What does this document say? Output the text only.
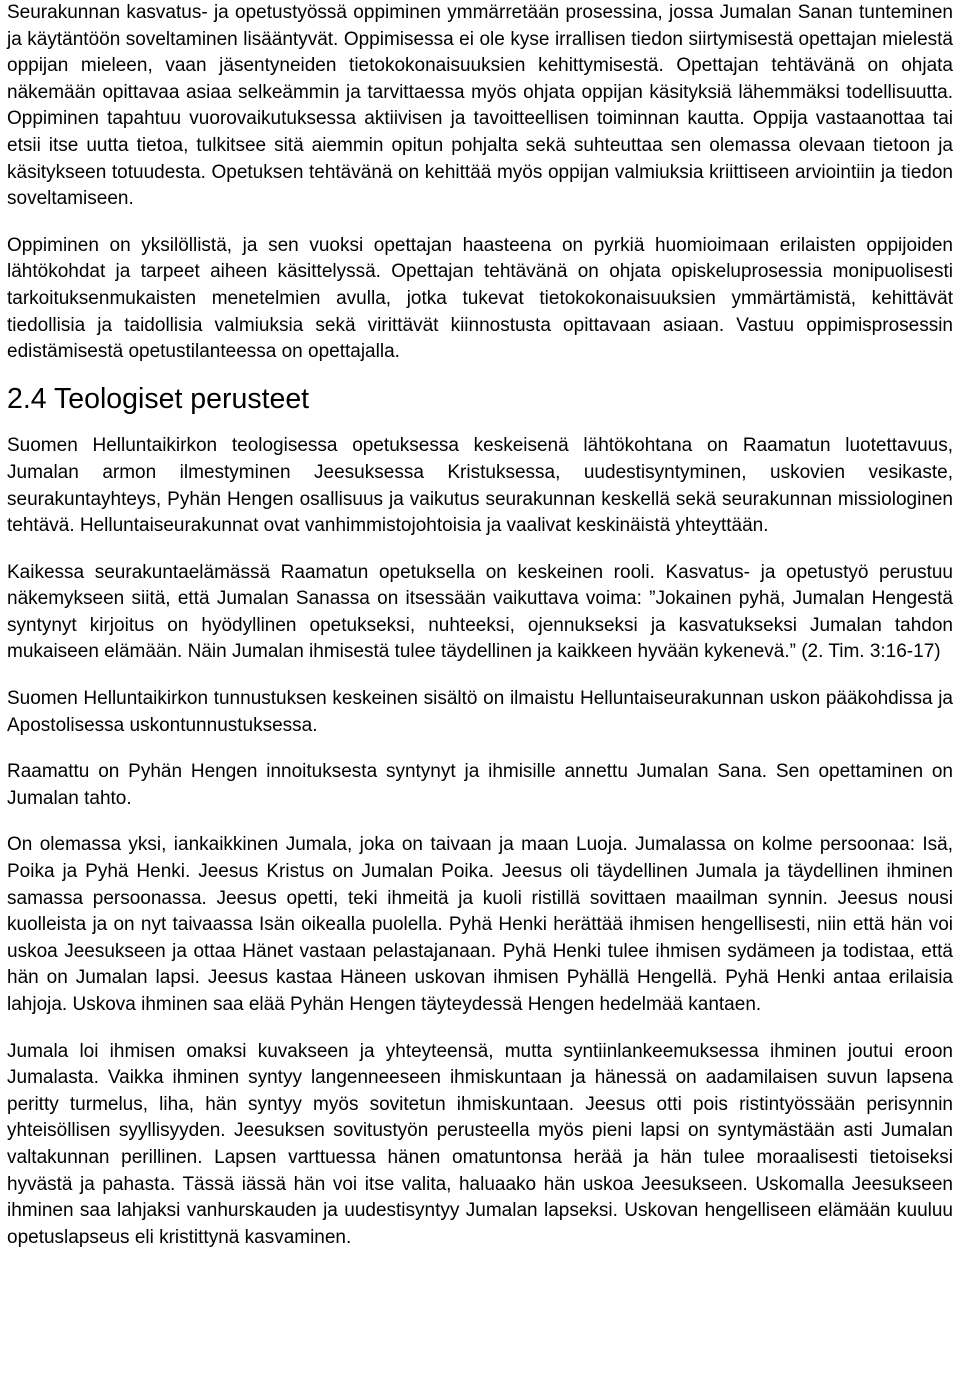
Seurakunnan kasvatus- ja opetustyössä oppiminen ymmärretään prosessina, jossa Jumalan Sanan tunteminen ja käytäntöön soveltaminen lisääntyvät. Oppimisessa ei ole kyse irrallisen tiedon siirtymisestä opettajan mielestä oppijan mieleen, vaan jäsentyneiden tietokokonaisuuksien kehittymisestä. Opettajan tehtävänä on ohjata näkemään opittavaa asiaa selkeämmin ja tarvittaessa myös ohjata oppijan käsityksiä lähemmäksi todellisuutta. Oppiminen tapahtuu vuorovaikutuksessa aktiivisen ja tavoitteellisen toiminnan kautta. Oppija vastaanottaa tai etsii itse uutta tietoa, tulkitsee sitä aiemmin opitun pohjalta sekä suhteuttaa sen olemassa olevaan tietoon ja käsitykseen totuudesta. Opetuksen tehtävänä on kehittää myös oppijan valmiuksia kriittiseen arviointiin ja tiedon soveltamiseen.

Oppiminen on yksilöllistä, ja sen vuoksi opettajan haasteena on pyrkiä huomioimaan erilaisten oppijoiden lähtökohdat ja tarpeet aiheen käsittelyssä. Opettajan tehtävänä on ohjata opiskeluprosessia monipuolisesti tarkoituksenmukaisten menetelmien avulla, jotka tukevat tietokokonaisuuksien ymmärtämistä, kehittävät tiedollisia ja taidollisia valmiuksia sekä virittävät kiinnostusta opittavaan asiaan. Vastuu oppimisprosessin edistämisestä opetustilanteessa on opettajalla.

2.4 Teologiset perusteet

Suomen Helluntaikirkon teologisessa opetuksessa keskeisenä lähtökohtana on Raamatun luotettavuus, Jumalan armon ilmestyminen Jeesuksessa Kristuksessa, uudestisyntyminen, uskovien vesikaste, seurakuntayhteys, Pyhän Hengen osallisuus ja vaikutus seurakunnan keskellä sekä seurakunnan missiologinen tehtävä. Helluntaiseurakunnat ovat vanhimmistojohtoisia ja vaalivat keskinäistä yhteyttään.

Kaikessa seurakuntaelämässä Raamatun opetuksella on keskeinen rooli. Kasvatus- ja opetustyö perustuu näkemykseen siitä, että Jumalan Sanassa on itsessään vaikuttava voima: ”Jokainen pyhä, Jumalan Hengestä syntynyt kirjoitus on hyödyllinen opetukseksi, nuhteeksi, ojennukseksi ja kasvatukseksi Jumalan tahdon mukaiseen elämään. Näin Jumalan ihmisestä tulee täydellinen ja kaikkeen hyvään kykenevä.” (2. Tim. 3:16-17)

Suomen Helluntaikirkon tunnustuksen keskeinen sisältö on ilmaistu Helluntaiseurakunnan uskon pääkohdissa ja Apostolisessa uskontunnustuksessa.

Raamattu on Pyhän Hengen innoituksesta syntynyt ja ihmisille annettu Jumalan Sana. Sen opettaminen on Jumalan tahto.

On olemassa yksi, iankaikkinen Jumala, joka on taivaan ja maan Luoja. Jumalassa on kolme persoonaa: Isä, Poika ja Pyhä Henki. Jeesus Kristus on Jumalan Poika. Jeesus oli täydellinen Jumala ja täydellinen ihminen samassa persoonassa. Jeesus opetti, teki ihmeitä ja kuoli ristillä sovittaen maailman synnin. Jeesus nousi kuolleista ja on nyt taivaassa Isän oikealla puolella. Pyhä Henki herättää ihmisen hengellisesti, niin että hän voi uskoa Jeesukseen ja ottaa Hänet vastaan pelastajanaan. Pyhä Henki tulee ihmisen sydämeen ja todistaa, että hän on Jumalan lapsi. Jeesus kastaa Häneen uskovan ihmisen Pyhällä Hengellä. Pyhä Henki antaa erilaisia lahjoja. Uskova ihminen saa elää Pyhän Hengen täyteydessä Hengen hedelmää kantaen.

Jumala loi ihmisen omaksi kuvakseen ja yhteyteensä, mutta syntiinlankeemuksessa ihminen joutui eroon Jumalasta. Vaikka ihminen syntyy langenneeseen ihmiskuntaan ja hänessä on aadamilaisen suvun lapsena peritty turmelus, liha, hän syntyy myös sovitetun ihmiskuntaan. Jeesus otti pois ristintyössään perisynnin yhteisöllisen syyllisyyden. Jeesuksen sovitustyön perusteella myös pieni lapsi on syntymästään asti Jumalan valtakunnan perillinen. Lapsen varttuessa hänen omatuntonsa herää ja hän tulee moraalisesti tietoiseksi hyvästä ja pahasta. Tässä iässä hän voi itse valita, haluaako hän uskoa Jeesukseen. Uskomalla Jeesukseen ihminen saa lahjaksi vanhurskauden ja uudestisyntyy Jumalan lapseksi. Uskovan hengelliseen elämään kuuluu opetuslapseus eli kristittynä kasvaminen.
